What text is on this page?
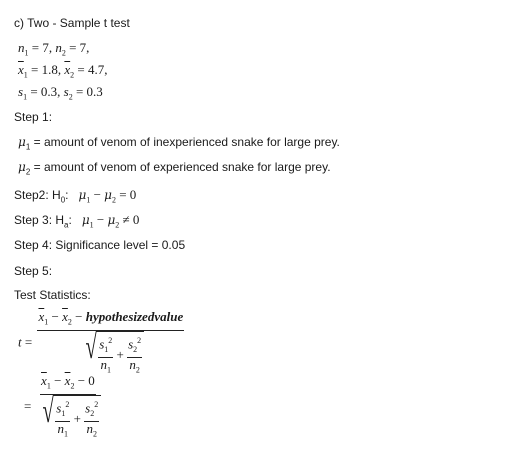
c) Two - Sample t test
$n_1 = 7$, $n_2 = 7$,
$\overline{x}_1 = 1.8$, $\overline{x}_2 = 4.7$,
$s_1 = 0.3$, $s_2 = 0.3$
Step 1:
$\mu_1$ = amount of venom of inexperienced snake for large prey.
$\mu_2$ = amount of venom of experienced snake for large prey.
Step2: $H_0$:   $\mu_1 - \mu_2 = 0$
Step 3: $H_a$:   $\mu_1 - \mu_2 \ne 0$
Step 4: Significance level = 0.05
Step 5:
Test Statistics:
$t = \frac{\overline{x}_1 - \overline{x}_2 - hypothesizedvalue}{√ \frac{s_1^2}{n_1} + \frac{s_2^2}{n_2}}$
= $\frac{\overline{x}_1 - \overline{x}_2 - 0}{√ \frac{s_1^2}{n_1} + \frac{s_2^2}{n_2}}$
